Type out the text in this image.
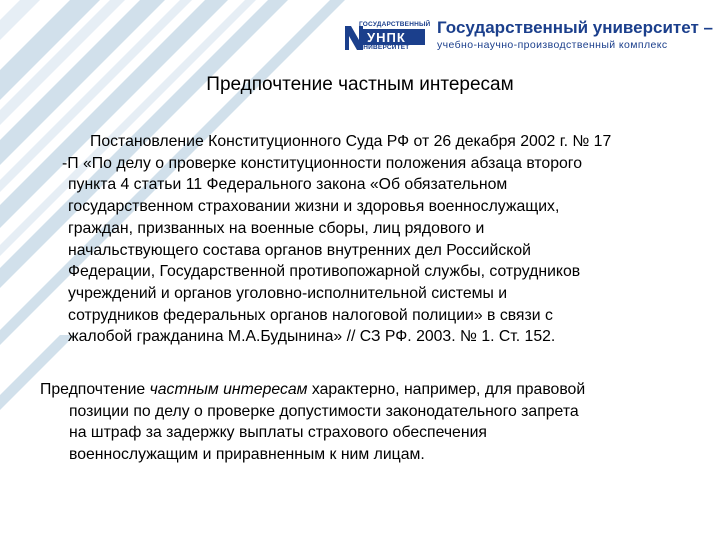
ГОСУДАРСТВЕННЫЙ
УНПК
УНИВЕРСИТЕТ
Государственный университет –
учебно-научно-производственный комплекс
Предпочтение частным интересам
Постановление Конституционного Суда РФ от 26 декабря 2002 г. № 17
-П «По делу о проверке конституционности положения абзаца второго
пункта 4 статьи 11 Федерального закона «Об обязательном
государственном страховании жизни и здоровья военнослужащих,
граждан, призванных на военные сборы, лиц рядового и
начальствующего состава органов внутренних дел Российской
Федерации, Государственной противопожарной службы, сотрудников
учреждений и органов уголовно-исполнительной системы и
сотрудников федеральных органов налоговой полиции» в связи с
жалобой гражданина М.А.Будынина» // СЗ РФ. 2003. № 1. Ст. 152.
Предпочтение частным интересам характерно, например, для правовой
позиции по делу о проверке допустимости законодательного запрета
на штраф за задержку выплаты страхового обеспечения
военнослужащим и приравненным к ним лицам.
